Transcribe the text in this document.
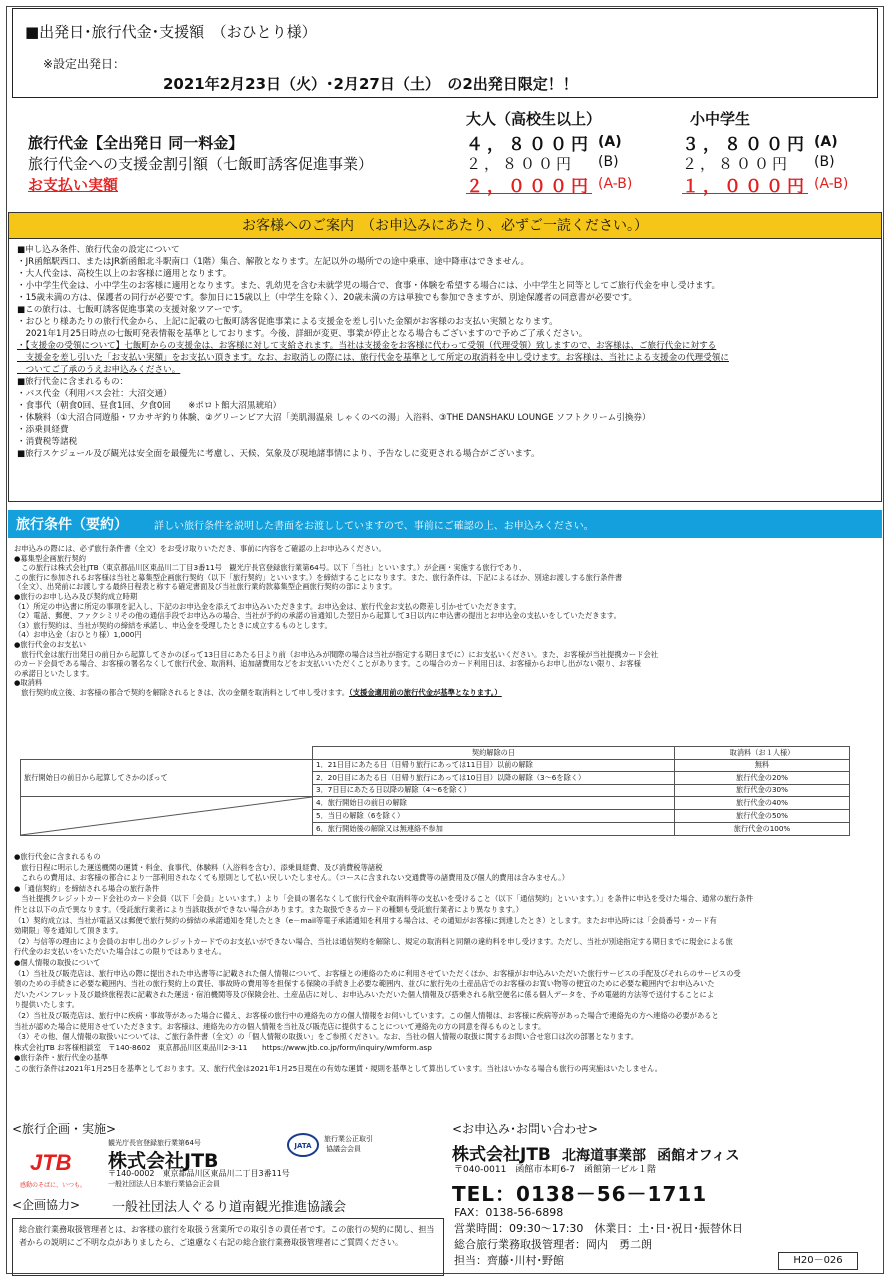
■出発日･旅行代金･支援額　（おひとり様）
※設定出発日：
2021年2月23日（火）･2月27日（土）　の2出発日限定！！
大人（高校生以上）	小中学生
旅行代金【全出発日 同一料金】	４，８００円 (A)	３，８００円 (A)
旅行代金への支援金割引額（七飯町誘客促進事業）	２，８００円 (B)	２，８００円 (B)
お支払い実額	２，０００円 (A-B)	１，０００円 (A-B)
お客様へのご案内　（お申込みにあたり、必ずご一読ください。）
■申し込み条件、旅行代金の設定について
・JR函館駅西口、またはJR新函館北斗駅南口（1階）集合、解散となります。左記以外の場所での途中乗車、途中降車はできません。
・大人代金は、高校生以上のお客様に適用となります。
・小中学生代金は、小中学生のお客様に適用となります。また、乳幼児を含む未就学児の場合で、食事・体験を希望する場合には、小中学生と同等としてご旅行代金を申し受けます。
・15歳未満の方は、保護者の同行が必要です。参加日に15歳以上（中学生を除く）、20歳未満の方は単独でも参加できますが、別途保護者の同意書が必要です。
■この旅行は、七飯町誘客促進事業の支援対象ツアーです。
・おひとり様あたりの旅行代金から、上記に記載の七飯町誘客促進事業による支援金を差し引いた金額がお客様のお支払い実額となります。
　2021年1月25日時点の七飯町発表情報を基準としております。今後、詳細が変更、事業が停止となる場合もございますので予めご了承ください。
・【支援金の受領について】七飯町からの支援金は、お客様に対して支給されます。当社は支援金をお客様に代わって受領（代理受領）致しますので、お客様は、ご旅行代金に対する
　支援金を差し引いた「お支払い実額」をお支払い頂きます。なお、お取消しの際には、旅行代金を基準として所定の取消料を申し受けます。お客様は、当社による支援金の代理受領に
　ついてご了承のうえお申込みください。
■旅行代金に含まれるもの：
・バス代金（利用バス会社：大沼交通）
・食事代（朝食0回、昼食1回、夕食0回　　※ポロト館大沼黒琥珀）
・体験料（①大沼合同遊船・ワカサギ釣り体験、②グリーンピア大沼「美肌湯温泉 しゃくのべの湯」入浴料、③THE DANSHAKU LOUNGE ソフトクリーム引換券）
・添乗員経費
・消費税等諸税
■旅行スケジュール及び観光は安全面を最優先に考慮し、天候、気象及び現地諸事情により、予告なしに変更される場合がございます。
旅行条件（要約）	詳しい旅行条件を説明した書面をお渡ししていますので、事前にご確認の上、お申込みください。
お申込みの際には、必ず旅行条件書（全文）をお受け取りいただき、事前に内容をご確認の上お申込みください。
●募集型企画旅行契約
　この旅行は株式会社JTB（東京都品川区東品川二丁目3番11号　観光庁長官登録旅行業第64号。以下「当社」といいます。）が企画・実施する旅行であり、
この旅行に参加されるお客様は当社と募集型企画旅行契約（以下「旅行契約」といいます。）を締結することになります。また、旅行条件は、下記によるほか、別途お渡しする旅行条件書
（全文）、出発前にお渡しする最終日程表と称する確定書面及び当社旅行業約款募集型企画旅行契約の部によります。
●旅行のお申し込み及び契約成立時期
（1）所定の申込書に所定の事項を記入し、下記のお申込金を添えてお申込みいただきます。お申込金は、旅行代金お支払の際差し引かせていただきます。
（2）電話、郵便、ファクシミリその他の通信手段でお申込みの場合、当社が予約の承諾の旨通知した翌日から起算して3日以内に申込書の提出とお申込金の支払いをしていただきます。
（3）旅行契約は、当社が契約の締結を承諾し、申込金を受理したときに成立するものとします。
（4）お申込金（おひとり様）1,000円
●旅行代金のお支払い
　旅行代金は旅行出発日の前日から起算してさかのぼって13日目にあたる日より前（お申込みが間際の場合は当社が指定する期日までに）にお支払いください。また、お客様が当社提携カード会社
のカード会員である場合、お客様の署名なくして旅行代金、取消料、追加諸費用などをお支払いいただくことがあります。この場合のカード利用日は、お客様からお申し出がない限り、お客様
の承諾日といたします。
●取消料
　旅行契約成立後、お客様の都合で契約を解除されるときは、次の金額を取消料として申し受けます。（支援金適用前の旅行代金が基準となります。）
	契約解除の日	取消料（お１人様）
旅行開始日の前日から起算してさかのぼって	1．21日目にあたる日（日帰り旅行にあっては11日目）以前の解除	無料
	2．20日目にあたる日（日帰り旅行にあっては10日目）以降の解除（3～6を除く）	旅行代金の20%
	3．7日目にあたる日以降の解除（4～6を除く）	旅行代金の30%

	4．旅行開始日の前日の解除	旅行代金の40%
	5．当日の解除（6を除く）	旅行代金の50%
	6．旅行開始後の解除又は無連絡不参加	旅行代金の100%
●旅行代金に含まれるもの
　旅行日程に明示した運送機関の運賃・料金、食事代、体験料（入浴料を含む）、添乗員経費、及び消費税等諸税
　これらの費用は、お客様の都合により一部利用されなくても原則として払い戻しいたしません。（コースに含まれない交通費等の諸費用及び個人的費用は含みません。）
●「通信契約」を締結される場合の旅行条件
　当社提携クレジットカード会社のカード会員（以下「会員」といいます。）より「会員の署名なくして旅行代金や取消料等の支払いを受けること（以下「通信契約」といいます。）」を条件に申込を受けた場合、通常の旅行条件
件とは以下の点で異なります。（受託旅行業者により当該取扱ができない場合があります。また取扱できるカードの種類も受託旅行業者により異なります。）
（1）契約成立は、当社が電話又は郵便で旅行契約の締結の承諾通知を発したとき（e－mail等電子承諾通知を利用する場合は、その通知がお客様に到達したとき）とします。またお申込時には「会員番号・カード有
効期限」等を通知して頂きます。
（2）与信等の理由により会員のお申し出のクレジットカードでのお支払いができない場合、当社は通信契約を解除し、規定の取消料と同額の違約料を申し受けます。ただし、当社が別途指定する期日までに現金による旅
行代金のお支払いをいただいた場合はこの限りではありません。
●個人情報の取扱について
（1）当社及び販売店は、旅行申込の際に提出された申込書等に記載された個人情報について、お客様との連絡のために利用させていただくほか、お客様がお申込みいただいた旅行サービスの手配及びそれらのサービスの受
領のための手続きに必要な範囲内、当社の旅行契約上の責任、事故時の費用等を担保する保険の手続き上必要な範囲内、並びに旅行先の土産品店でのお客様のお買い物等の便宜のために必要な範囲内でお申込みいた
だいたパンフレット及び最終旅程表に記載された運送・宿泊機関等及び保険会社、土産品店に対し、お申込みいただいた個人情報及び搭乗される航空便名に係る個人データを、予め電磁的方法等で送付することによ
り提供いたします。
（2）当社及び販売店は、旅行中に疾病・事故等があった場合に備え、お客様の旅行中の連絡先の方の個人情報をお伺いしています。この個人情報は、お客様に疾病等があった場合で連絡先の方へ連絡の必要があると
当社が認めた場合に使用させていただきます。お客様は、連絡先の方の個人情報を当社及び販売店に提供することについて連絡先の方の同意を得るものとします。
（3）その他、個人情報の取扱いについては、ご旅行条件書（全文）の「個人情報の取扱い」をご参照ください。なお、当社の個人情報の取扱に関するお問い合せ窓口は次の部署となります。
株式会社JTB お客様相談室　〒140-8602　東京都品川区東品川2-3-11　　https://www.jtb.co.jp/form/inquiry/wmform.asp
●旅行条件・旅行代金の基準
この旅行条件は2021年1月25日を基準としております。又、旅行代金は2021年1月25日現在の有効な運賃・規則を基準として算出しています。当社はいかなる場合も旅行の再実施はいたしません。
<旅行企画・実施>
JTB
感動のそばに、いつも。
観光庁長官登録旅行業第64号
株式会社JTB
〒140-0002　東京都品川区東品川二丁目3番11号
一般社団法人日本旅行業協会正会員
JATA
旅行業公正取引
協議会会員
<企画協力> 一般社団法人ぐるり道南観光推進協議会
総合旅行業務取扱管理者とは、お客様の旅行を取扱う営業所での取引きの責任者です。この旅行の契約に関し、担当者からの説明にご不明な点がありましたら、ご遠慮なく右記の総合旅行業務取扱管理者にご質問ください。
<お申込み･お問い合わせ>
株式会社JTB 北海道事業部 函館オフィス
〒040-0011　函館市本町6-7　函館第一ビル１階
TEL：0138－56－1711
FAX：0138-56-6898
営業時間：09:30～17:30　休業日：土･日･祝日･振替休日
総合旅行業務取扱管理者：岡内　勇二朗
担当：齊藤･川村･野館	H20－026
